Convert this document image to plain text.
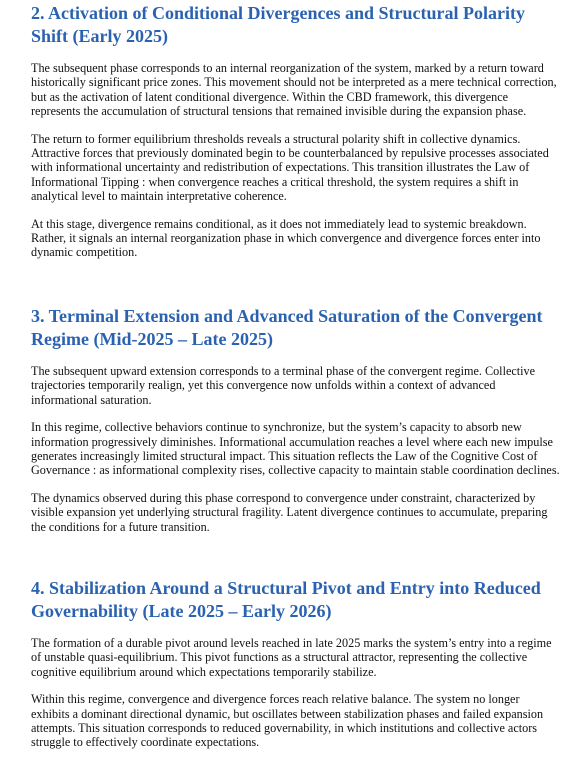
2. Activation of Conditional Divergences and Structural Polarity Shift (Early 2025)

The subsequent phase corresponds to an internal reorganization of the system, marked by a return toward historically significant price zones. This movement should not be interpreted as a mere technical correction, but as the activation of latent conditional divergence. Within the CBD framework, this divergence represents the accumulation of structural tensions that remained invisible during the expansion phase.

The return to former equilibrium thresholds reveals a structural polarity shift in collective dynamics. Attractive forces that previously dominated begin to be counterbalanced by repulsive processes associated with informational uncertainty and redistribution of expectations. This transition illustrates the Law of Informational Tipping : when convergence reaches a critical threshold, the system requires a shift in analytical level to maintain interpretative coherence.

At this stage, divergence remains conditional, as it does not immediately lead to systemic breakdown. Rather, it signals an internal reorganization phase in which convergence and divergence forces enter into dynamic competition.

3. Terminal Extension and Advanced Saturation of the Convergent Regime (Mid-2025 – Late 2025)

The subsequent upward extension corresponds to a terminal phase of the convergent regime. Collective trajectories temporarily realign, yet this convergence now unfolds within a context of advanced informational saturation.

In this regime, collective behaviors continue to synchronize, but the system’s capacity to absorb new information progressively diminishes. Informational accumulation reaches a level where each new impulse generates increasingly limited structural impact. This situation reflects the Law of the Cognitive Cost of Governance : as informational complexity rises, collective capacity to maintain stable coordination declines.

The dynamics observed during this phase correspond to convergence under constraint, characterized by visible expansion yet underlying structural fragility. Latent divergence continues to accumulate, preparing the conditions for a future transition.

4. Stabilization Around a Structural Pivot and Entry into Reduced Governability (Late 2025 – Early 2026)

The formation of a durable pivot around levels reached in late 2025 marks the system’s entry into a regime of unstable quasi-equilibrium. This pivot functions as a structural attractor, representing the collective cognitive equilibrium around which expectations temporarily stabilize.

Within this regime, convergence and divergence forces reach relative balance. The system no longer exhibits a dominant directional dynamic, but oscillates between stabilization phases and failed expansion attempts. This situation corresponds to reduced governability, in which institutions and collective actors struggle to effectively coordinate expectations.
